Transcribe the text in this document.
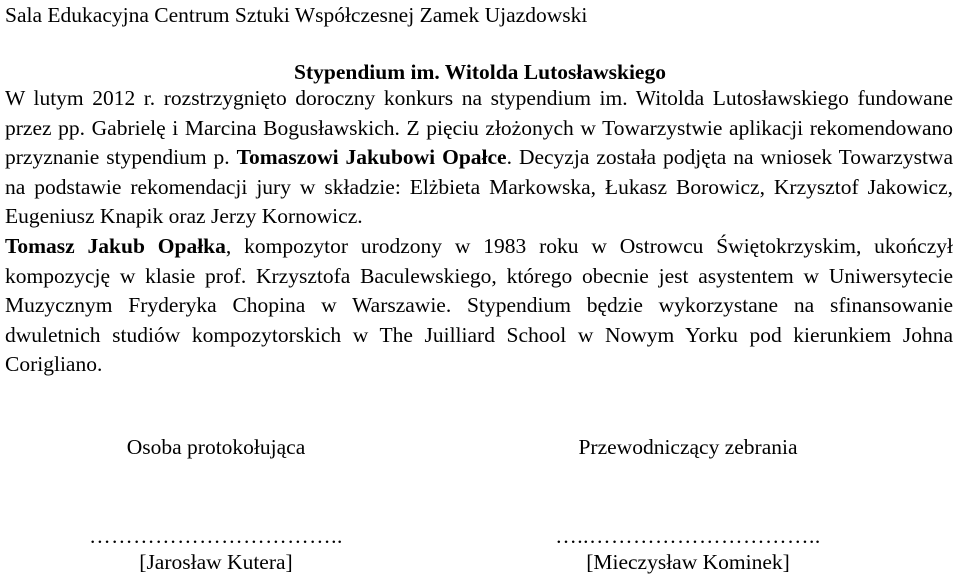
Sala Edukacyjna Centrum Sztuki Współczesnej Zamek Ujazdowski
Stypendium im. Witolda Lutosławskiego

W lutym 2012 r. rozstrzygnięto doroczny konkurs na stypendium im. Witolda Lutosławskiego fundowane przez pp. Gabrielę i Marcina Bogusławskich. Z pięciu złożonych w Towarzystwie aplikacji rekomendowano przyznanie stypendium p. Tomaszowi Jakubowi Opałce. Decyzja została podjęta na wniosek Towarzystwa na podstawie rekomendacji jury w składzie: Elżbieta Markowska, Łukasz Borowicz, Krzysztof Jakowicz, Eugeniusz Knapik oraz Jerzy Kornowicz.

Tomasz Jakub Opałka, kompozytor urodzony w 1983 roku w Ostrowcu Świętokrzyskim, ukończył kompozycję w klasie prof. Krzysztofa Baculewskiego, którego obecnie jest asystentem w Uniwersytecie Muzycznym Fryderyka Chopina w Warszawie. Stypendium będzie wykorzystane na sfinansowanie dwuletnich studiów kompozytorskich w The Juilliard School w Nowym Yorku pod kierunkiem Johna Corigliano.

Osoba protokołująca	Przewodniczący zebrania
……………………………..	…..…………………………..
[Jarosław Kutera]	[Mieczysław Kominek]
